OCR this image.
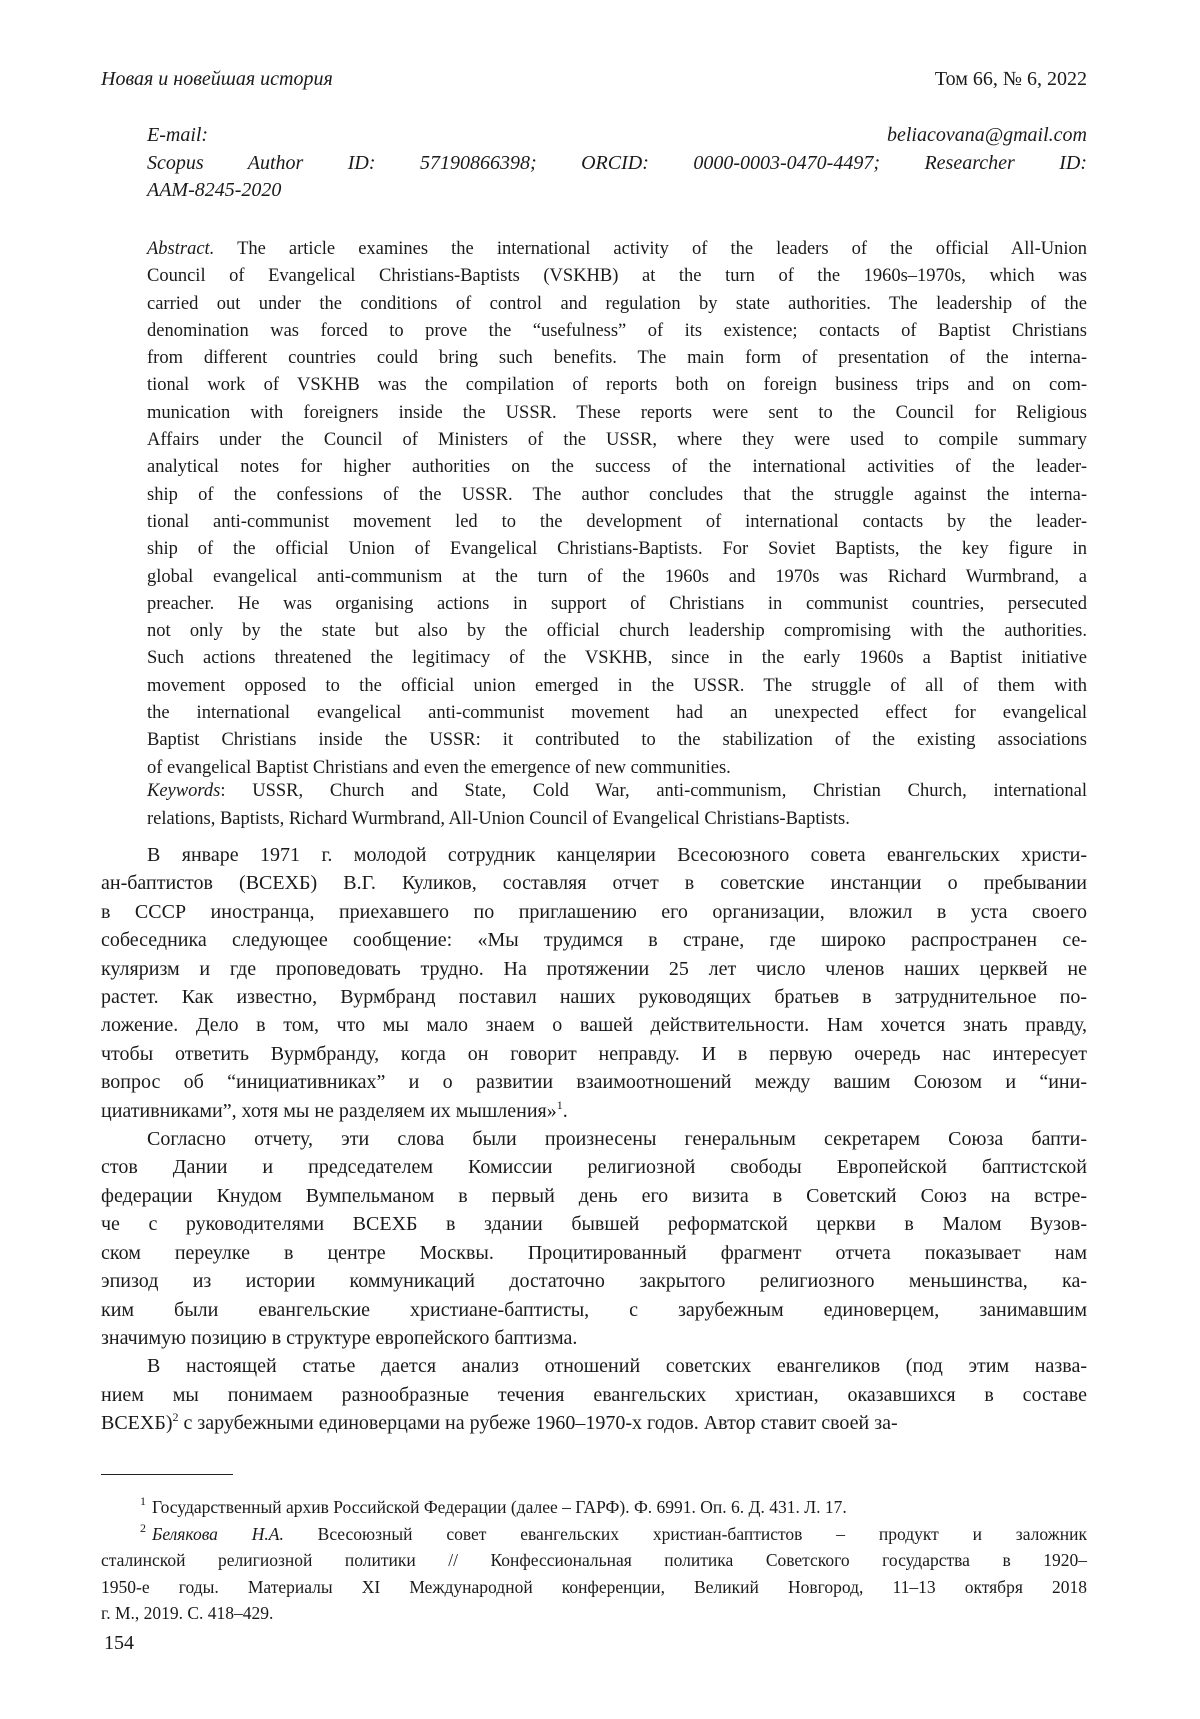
Новая и новейшая история	Том 66, № 6, 2022
E-mail: beliacovana@gmail.com
Scopus Author ID: 57190866398; ORCID: 0000-0003-0470-4497; Researcher ID:
AAM-8245-2020
Abstract. The article examines the international activity of the leaders of the official All-Union
Council of Evangelical Christians-Baptists (VSKHB) at the turn of the 1960s–1970s, which was
carried out under the conditions of control and regulation by state authorities. The leadership of the
denomination was forced to prove the “usefulness” of its existence; contacts of Baptist Christians
from different countries could bring such benefits. The main form of presentation of the interna-
tional work of VSKHB was the compilation of reports both on foreign business trips and on com-
munication with foreigners inside the USSR. These reports were sent to the Council for Religious
Affairs under the Council of Ministers of the USSR, where they were used to compile summary
analytical notes for higher authorities on the success of the international activities of the leader-
ship of the confessions of the USSR. The author concludes that the struggle against the interna-
tional anti-communist movement led to the development of international contacts by the leader-
ship of the official Union of Evangelical Christians-Baptists. For Soviet Baptists, the key figure in
global evangelical anti-communism at the turn of the 1960s and 1970s was Richard Wurmbrand, a
preacher. He was organising actions in support of Christians in communist countries, persecuted
not only by the state but also by the official church leadership compromising with the authorities.
Such actions threatened the legitimacy of the VSKHB, since in the early 1960s a Baptist initiative
movement opposed to the official union emerged in the USSR. The struggle of all of them with
the international evangelical anti-communist movement had an unexpected effect for evangelical
Baptist Christians inside the USSR: it contributed to the stabilization of the existing associations
of evangelical Baptist Christians and even the emergence of new communities.
Keywords: USSR, Church and State, Cold War, anti-communism, Christian Church, international
relations, Baptists, Richard Wurmbrand, All-Union Council of Evangelical Christians-Baptists.
В январе 1971 г. молодой сотрудник канцелярии Всесоюзного совета евангельских христи-
ан-баптистов (ВСЕХБ) В.Г. Куликов, составляя отчет в советские инстанции о пребывании
в СССР иностранца, приехавшего по приглашению его организации, вложил в уста своего
собеседника следующее сообщение: «Мы трудимся в стране, где широко распространен се-
куляризм и где проповедовать трудно. На протяжении 25 лет число членов наших церквей не
растет. Как известно, Вурмбранд поставил наших руководящих братьев в затруднительное по-
ложение. Дело в том, что мы мало знаем о вашей действительности. Нам хочется знать правду,
чтобы ответить Вурмбранду, когда он говорит неправду. И в первую очередь нас интересует
вопрос об “инициативниках” и о развитии взаимоотношений между вашим Союзом и “ини-
циативниками”, хотя мы не разделяем их мышления»$^1$.
Согласно отчету, эти слова были произнесены генеральным секретарем Союза бапти-
стов Дании и председателем Комиссии религиозной свободы Европейской баптистской
федерации Кнудом Вумпельманом в первый день его визита в Советский Союз на встре-
че с руководителями ВСЕХБ в здании бывшей реформатской церкви в Малом Вузов-
ском переулке в центре Москвы. Процитированный фрагмент отчета показывает нам
эпизод из истории коммуникаций достаточно закрытого религиозного меньшинства, ка-
ким были евангельские христиане-баптисты, с зарубежным единоверцем, занимавшим
значимую позицию в структуре европейского баптизма.
В настоящей статье дается анализ отношений советских евангеликов (под этим назва-
нием мы понимаем разнообразные течения евангельских христиан, оказавшихся в составе
ВСЕХБ)$^2$ с зарубежными единоверцами на рубеже 1960–1970-х годов. Автор ставит своей за-
$^1$ Государственный архив Российской Федерации (далее – ГАРФ). Ф. 6991. Оп. 6. Д. 431. Л. 17.
$^2$ Белякова Н.А. Всесоюзный совет евангельских христиан-баптистов – продукт и заложник
сталинской религиозной политики // Конфессиональная политика Советского государства в 1920–
1950-е годы. Материалы XI Международной конференции, Великий Новгород, 11–13 октября 2018
г. М., 2019. С. 418–429.
154
